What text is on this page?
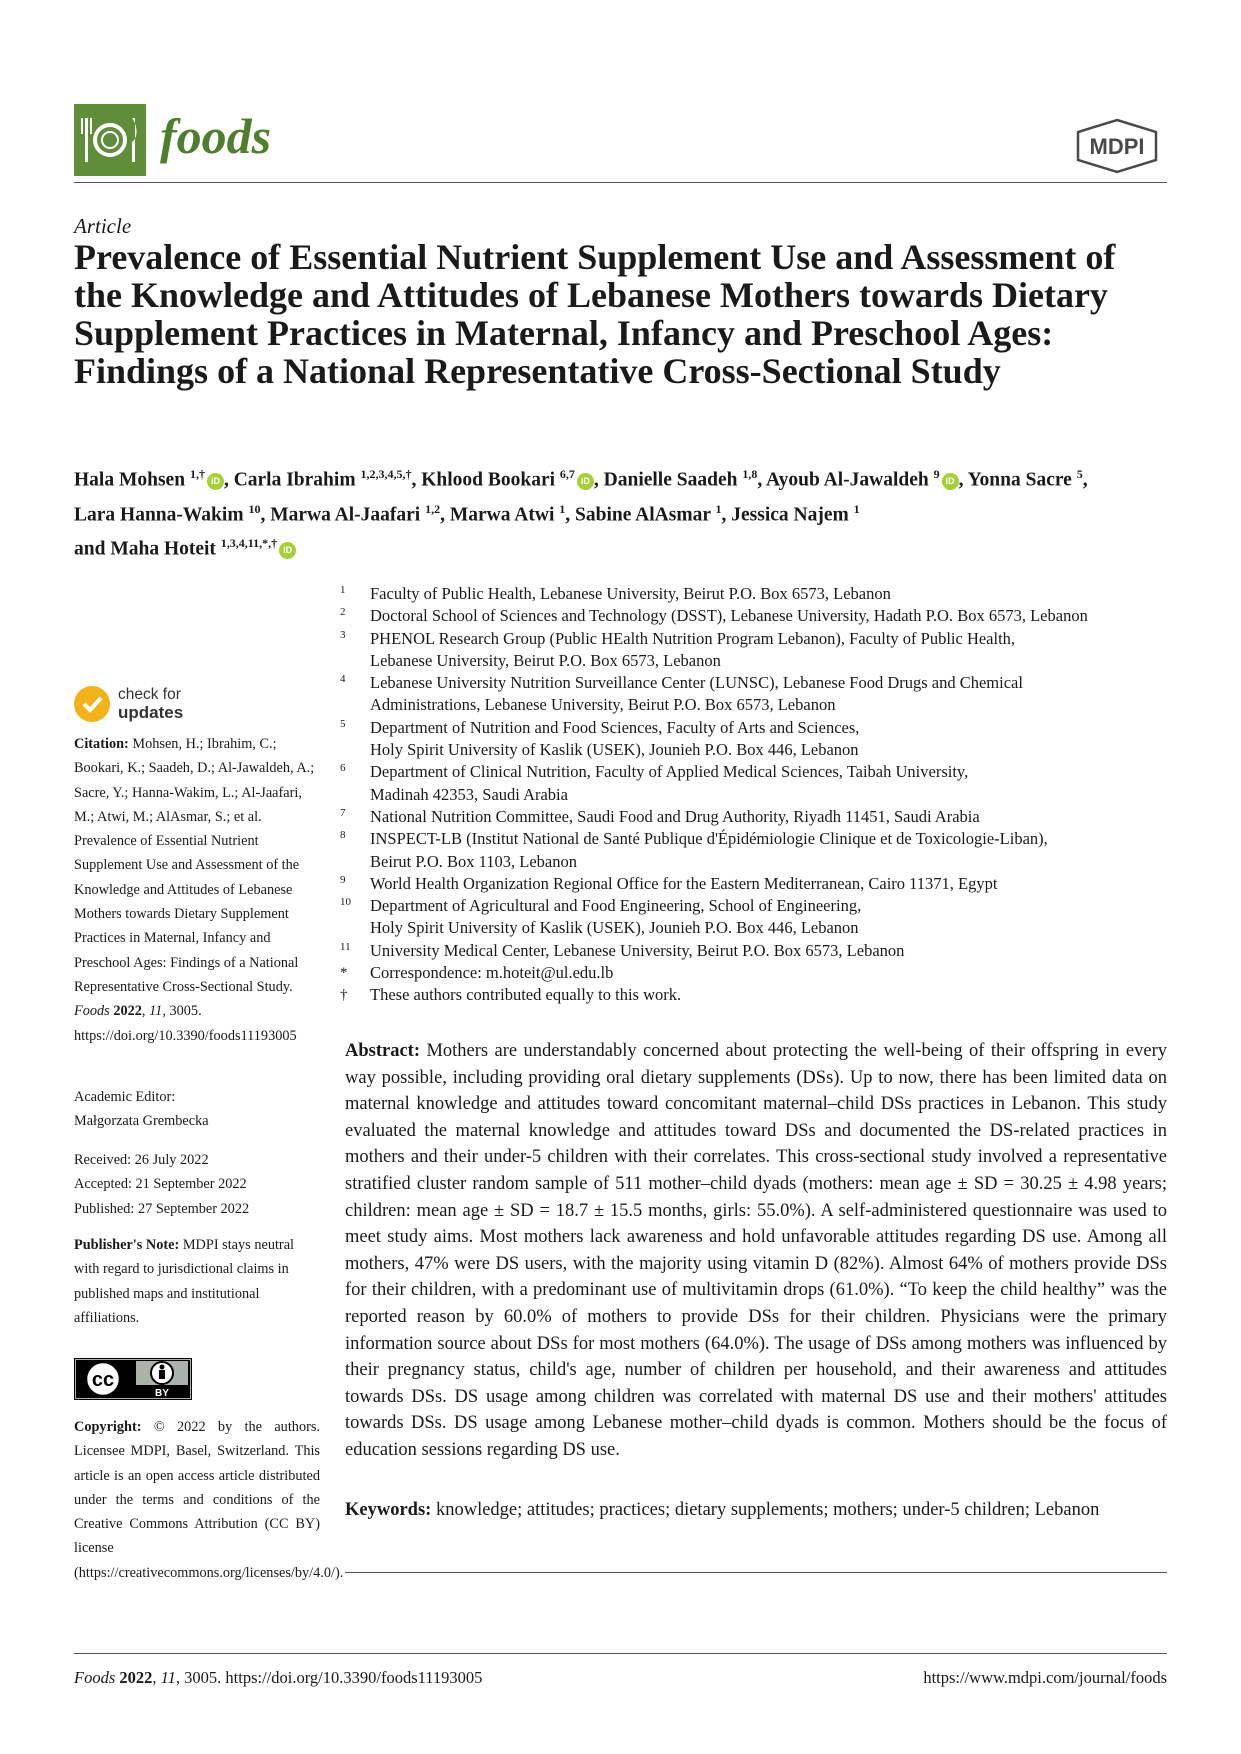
foods	MDPI
Article
Prevalence of Essential Nutrient Supplement Use and Assessment of the Knowledge and Attitudes of Lebanese Mothers towards Dietary Supplement Practices in Maternal, Infancy and Preschool Ages: Findings of a National Representative Cross-Sectional Study
Hala Mohsen $^{1,\dagger}$ iD , Carla Ibrahim $^{1,2,3,4,5,\dagger}$, Khlood Bookari $^{6,7}$ iD , Danielle Saadeh $^{1,8}$, Ayoub Al-Jawaldeh $^9$ iD , Yonna Sacre $^5$,
Lara Hanna-Wakim $^{10}$, Marwa Al-Jaafari $^{1,2}$, Marwa Atwi $^1$, Sabine AlAsmar $^1$, Jessica Najem $^1$
and Maha Hoteit $^{1,3,4,11,*,\dagger}$ iD
1	Faculty of Public Health, Lebanese University, Beirut P.O. Box 6573, Lebanon
2	Doctoral School of Sciences and Technology (DSST), Lebanese University, Hadath P.O. Box 6573, Lebanon
3	PHENOL Research Group (Public HEalth Nutrition Program Lebanon), Faculty of Public Health,
Lebanese University, Beirut P.O. Box 6573, Lebanon
4	Lebanese University Nutrition Surveillance Center (LUNSC), Lebanese Food Drugs and Chemical
Administrations, Lebanese University, Beirut P.O. Box 6573, Lebanon
5	Department of Nutrition and Food Sciences, Faculty of Arts and Sciences,
Holy Spirit University of Kaslik (USEK), Jounieh P.O. Box 446, Lebanon
6	Department of Clinical Nutrition, Faculty of Applied Medical Sciences, Taibah University,
Madinah 42353, Saudi Arabia
7	National Nutrition Committee, Saudi Food and Drug Authority, Riyadh 11451, Saudi Arabia
8	INSPECT-LB (Institut National de Santé Publique d'Épidémiologie Clinique et de Toxicologie-Liban),
Beirut P.O. Box 1103, Lebanon
9	World Health Organization Regional Office for the Eastern Mediterranean, Cairo 11371, Egypt
10	Department of Agricultural and Food Engineering, School of Engineering,
Holy Spirit University of Kaslik (USEK), Jounieh P.O. Box 446, Lebanon
11	University Medical Center, Lebanese University, Beirut P.O. Box 6573, Lebanon
*	Correspondence: m.hoteit@ul.edu.lb
†	These authors contributed equally to this work.
check for
updates
Citation: Mohsen, H.; Ibrahim, C.; Bookari, K.; Saadeh, D.; Al-Jawaldeh, A.; Sacre, Y.; Hanna-Wakim, L.; Al-Jaafari, M.; Atwi, M.; AlAsmar, S.; et al. Prevalence of Essential Nutrient Supplement Use and Assessment of the Knowledge and Attitudes of Lebanese Mothers towards Dietary Supplement Practices in Maternal, Infancy and Preschool Ages: Findings of a National Representative Cross-Sectional Study. Foods 2022, 11, 3005. https://doi.org/10.3390/foods11193005
Academic Editor:
Małgorzata Grembecka
Received: 26 July 2022
Accepted: 21 September 2022
Published: 27 September 2022
Publisher's Note: MDPI stays neutral with regard to jurisdictional claims in published maps and institutional affiliations.
cc
BY
Copyright: © 2022 by the authors. Licensee MDPI, Basel, Switzerland. This article is an open access article distributed under the terms and conditions of the Creative Commons Attribution (CC BY) license (https://creativecommons.org/licenses/by/4.0/).
Abstract: Mothers are understandably concerned about protecting the well-being of their offspring in every way possible, including providing oral dietary supplements (DSs). Up to now, there has been limited data on maternal knowledge and attitudes toward concomitant maternal–child DSs practices in Lebanon. This study evaluated the maternal knowledge and attitudes toward DSs and documented the DS-related practices in mothers and their under-5 children with their correlates. This cross-sectional study involved a representative stratified cluster random sample of 511 mother–child dyads (mothers: mean age ± SD = 30.25 ± 4.98 years; children: mean age ± SD = 18.7 ± 15.5 months, girls: 55.0%). A self-administered questionnaire was used to meet study aims. Most mothers lack awareness and hold unfavorable attitudes regarding DS use. Among all mothers, 47% were DS users, with the majority using vitamin D (82%). Almost 64% of mothers provide DSs for their children, with a predominant use of multivitamin drops (61.0%). “To keep the child healthy” was the reported reason by 60.0% of mothers to provide DSs for their children. Physicians were the primary information source about DSs for most mothers (64.0%). The usage of DSs among mothers was influenced by their pregnancy status, child's age, number of children per household, and their awareness and attitudes towards DSs. DS usage among children was correlated with maternal DS use and their mothers' attitudes towards DSs. DS usage among Lebanese mother–child dyads is common. Mothers should be the focus of education sessions regarding DS use.
Keywords: knowledge; attitudes; practices; dietary supplements; mothers; under-5 children; Lebanon
Foods 2022, 11, 3005. https://doi.org/10.3390/foods11193005	https://www.mdpi.com/journal/foods
